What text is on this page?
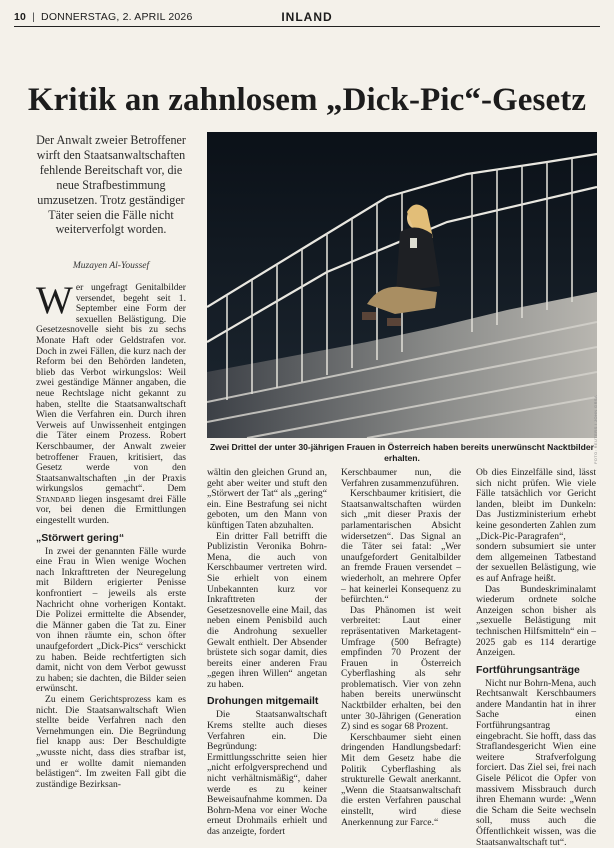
10 | DONNERSTAG, 2. APRIL 2026	INLAND
Kritik an zahnlosem „Dick-Pic“-Gesetz
Der Anwalt zweier Betroffener wirft den Staatsanwaltschaften fehlende Bereitschaft vor, die neue Strafbestimmung umzusetzen. Trotz geständiger Täter seien die Fälle nicht weiterverfolgt worden.
Muzayen Al-Youssef
FOTO: REUTERS / JOHN GRSA
Zwei Drittel der unter 30-jährigen Frauen in Österreich haben bereits unerwünscht Nacktbilder erhalten.

Wer ungefragt Genitalbilder versendet, begeht seit 1. September eine Form der sexuellen Belästigung. Die Gesetzesnovelle sieht bis zu sechs Monate Haft oder Geldstrafen vor. Doch in zwei Fällen, die kurz nach der Reform bei den Behörden landeten, blieb das Verbot wirkungslos: Weil zwei geständige Männer angaben, die neue Rechtslage nicht gekannt zu haben, stellte die Staatsanwaltschaft Wien die Verfahren ein. Durch ihren Verweis auf Unwissenheit entgingen die Täter einem Prozess. Robert Kerschbaumer, der Anwalt zweier betroffener Frauen, kritisiert, das Gesetz werde von den Staatsanwaltschaften „in der Praxis wirkungslos gemacht“. Dem Standard liegen insgesamt drei Fälle vor, bei denen die Ermittlungen eingestellt wurden.

„Störwert gering“

In zwei der genannten Fälle wurde eine Frau in Wien wenige Wochen nach Inkrafttreten der Neuregelung mit Bildern erigierter Penisse konfrontiert – jeweils als erste Nachricht ohne vorherigen Kontakt. Die Polizei ermittelte die Absender, die Männer gaben die Tat zu. Einer von ihnen räumte ein, schon öfter unaufgefordert „Dick-Pics“ verschickt zu haben. Beide rechtfertigten sich damit, nicht von dem Verbot gewusst zu haben; sie dachten, die Bilder seien erwünscht.

Zu einem Gerichtsprozess kam es nicht. Die Staatsanwaltschaft Wien stellte beide Verfahren nach den Vernehmungen ein. Die Begründung fiel knapp aus: Der Beschuldigte „wusste nicht, dass dies strafbar ist, und er wollte damit niemanden belästigen“. Im zweiten Fall gibt die zuständige Bezirksan-

wältin den gleichen Grund an, geht aber weiter und stuft den „Störwert der Tat“ als „gering“ ein. Eine Bestrafung sei nicht geboten, um den Mann von künftigen Taten abzuhalten.

Ein dritter Fall betrifft die Publizistin Veronika Bohrn-Mena, die auch von Kerschbaumer vertreten wird. Sie erhielt von einem Unbekannten kurz vor Inkrafttreten der Gesetzesnovelle eine Mail, das neben einem Penisbild auch die Androhung sexueller Gewalt enthielt. Der Absender brüstete sich sogar damit, dies bereits einer anderen Frau „gegen ihren Willen“ angetan zu haben.

Drohungen mitgemailt

Die Staatsanwaltschaft Krems stellte auch dieses Verfahren ein. Die Begründung: Ermittlungsschritte seien hier „nicht erfolgversprechend und nicht verhältnismäßig“, daher werde es zu keiner Beweisaufnahme kommen. Da Bohrn-Mena vor einer Woche erneut Drohmails erhielt und das anzeigte, fordert

Kerschbaumer nun, die Verfahren zusammenzuführen.

Kerschbaumer kritisiert, die Staatsanwaltschaften würden sich „mit dieser Praxis der parlamentarischen Absicht widersetzen“. Das Signal an die Täter sei fatal: „Wer unaufgefordert Genitalbilder an fremde Frauen versendet – wiederholt, an mehrere Opfer – hat keinerlei Konsequenz zu befürchten.“

Das Phänomen ist weit verbreitet: Laut einer repräsentativen Marketagent-Umfrage (500 Befragte) empfinden 70 Prozent der Frauen in Österreich Cyberflashing als sehr problematisch. Vier von zehn haben bereits unerwünscht Nacktbilder erhalten, bei den unter 30-Jährigen (Generation Z) sind es sogar 68 Prozent.

Kerschbaumer sieht einen dringenden Handlungsbedarf: Mit dem Gesetz habe die Politik Cyberflashing als strukturelle Gewalt anerkannt. „Wenn die Staatsanwaltschaft die ersten Verfahren pauschal einstellt, wird diese Anerkennung zur Farce.“

Ob dies Einzelfälle sind, lässt sich nicht prüfen. Wie viele Fälle tatsächlich vor Gericht landen, bleibt im Dunkeln: Das Justizministerium erhebt keine gesonderten Zahlen zum „Dick-Pic-Paragrafen“, sondern subsumiert sie unter dem allgemeinen Tatbestand der sexuellen Belästigung, wie es auf Anfrage heißt.

Das Bundeskriminalamt wiederum ordnete solche Anzeigen schon bisher als „sexuelle Belästigung mit technischen Hilfsmitteln“ ein – 2025 gab es 114 derartige Anzeigen.

Fortführungsanträge

Nicht nur Bohrn-Mena, auch Rechtsanwalt Kerschbaumers andere Mandantin hat in ihrer Sache einen Fortführungsantrag eingebracht. Sie hofft, dass das Straflandesgericht Wien eine weitere Strafverfolgung forciert. Das Ziel sei, frei nach Gisele Pélicot die Opfer von massivem Missbrauch durch ihren Ehemann wurde: „Wenn die Scham die Seite wechseln soll, muss auch die Öffentlichkeit wissen, was die Staatsanwaltschaft tut“.
